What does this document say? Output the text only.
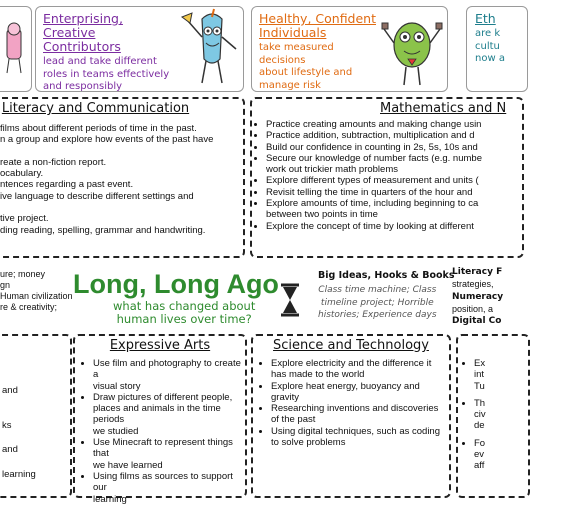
Enterprising, Creative Contributors
lead and take different
roles in teams effectively
and responsibly
Healthy, Confident Individuals
take measured decisions
about lifestyle and
manage risk
Eth
are k
cultu
now a
Literacy and Communication
films about different periods of time in the past.
n a group and explore how events of the past have
reate a non-fiction report.
ocabulary.
ntences regarding a past event.
ive language to describe different settings and
tive project.
ding reading, spelling, grammar and handwriting.
Mathematics and N
• Practice creating amounts and making change usin
• Practice addition, subtraction, multiplication and d
• Build our confidence in counting in 2s, 5s, 10s and
• Secure our knowledge of number facts (e.g. numbe
work out trickier math problems
• Explore different types of measurement and units (
• Revisit telling the time in quarters of the hour and
• Explore amounts of time, including beginning to ca
between two points in time
• Explore the concept of time by looking at different
ure; money
gn
Human civilization
re & creativity;
Long, Long Ago
what has changed about
human lives over time?
Big Ideas, Hooks & Books
Class time machine; Class
timeline project; Horrible
histories; Experience days
Literacy F
strategies,
Numeracy
position, a
Digital Co
and
ks
and
learning
Expressive Arts
• Use film and photography to create a
visual story
• Draw pictures of different people,
places and animals in the time periods
we studied
• Use Minecraft to represent things that
we have learned
• Using films as sources to support our
learning
Science and Technology
• Explore electricity and the difference it
has made to the world
• Explore heat energy, buoyancy and
gravity
• Researching inventions and discoveries
of the past
• Using digital techniques, such as coding
to solve problems
• Ex
int
Tu
• Th
civ
de
• Fo
ev
aff
